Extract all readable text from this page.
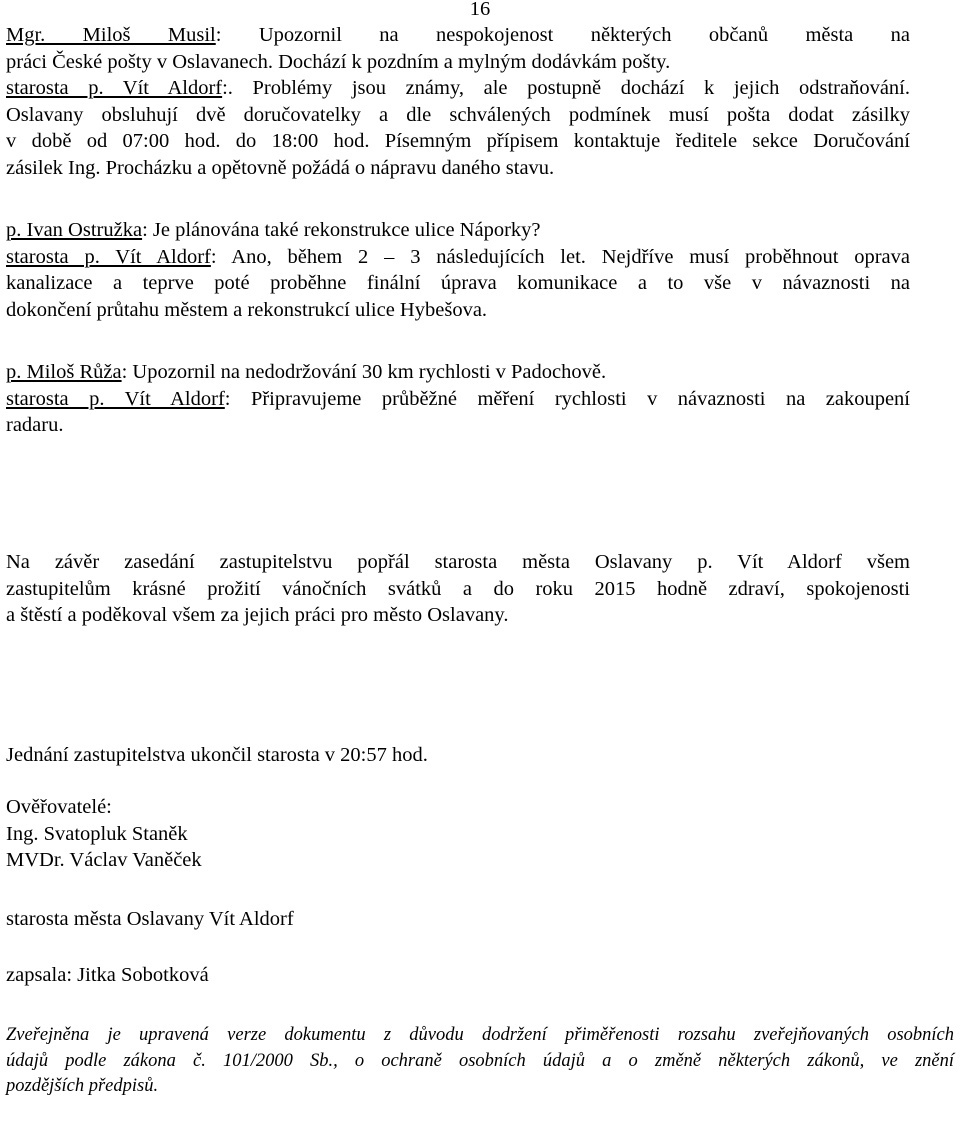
16
Mgr. Miloš Musil: Upozornil na nespokojenost některých občanů města na
práci České pošty v Oslavanech. Dochází k pozdním a mylným dodávkám pošty.
starosta p. Vít Aldorf:. Problémy jsou známy, ale postupně dochází k jejich odstraňování.
Oslavany obsluhují dvě doručovatelky a dle schválených podmínek musí pošta dodat zásilky
v době od 07:00 hod. do 18:00 hod. Písemným přípisem kontaktuje ředitele sekce Doručování
zásilek Ing. Procházku a opětovně požádá o nápravu daného stavu.
p. Ivan Ostružka: Je plánována také rekonstrukce ulice Náporky?
starosta p. Vít Aldorf: Ano, během 2 – 3 následujících let. Nejdříve musí proběhnout oprava
kanalizace a teprve poté proběhne finální úprava komunikace a to vše v návaznosti na
dokončení průtahu městem a rekonstrukcí ulice Hybešova.
p. Miloš Růža: Upozornil na nedodržování 30 km rychlosti v Padochově.
starosta p. Vít Aldorf: Připravujeme průběžné měření rychlosti v návaznosti na zakoupení
radaru.
Na závěr zasedání zastupitelstvu popřál starosta města Oslavany p. Vít Aldorf všem
zastupitelům krásné prožití vánočních svátků a do roku 2015 hodně zdraví, spokojenosti
a štěstí a poděkoval všem za jejich práci pro město Oslavany.
Jednání zastupitelstva ukončil starosta v 20:57 hod.
Ověřovatelé:
Ing. Svatopluk Staněk
MVDr. Václav Vaněček
starosta města Oslavany Vít Aldorf
zapsala: Jitka Sobotková
Zveřejněna je upravená verze dokumentu z důvodu dodržení přiměřenosti rozsahu zveřejňovaných osobních
údajů podle zákona č. 101/2000 Sb., o ochraně osobních údajů a o změně některých zákonů, ve znění
pozdějších předpisů.
